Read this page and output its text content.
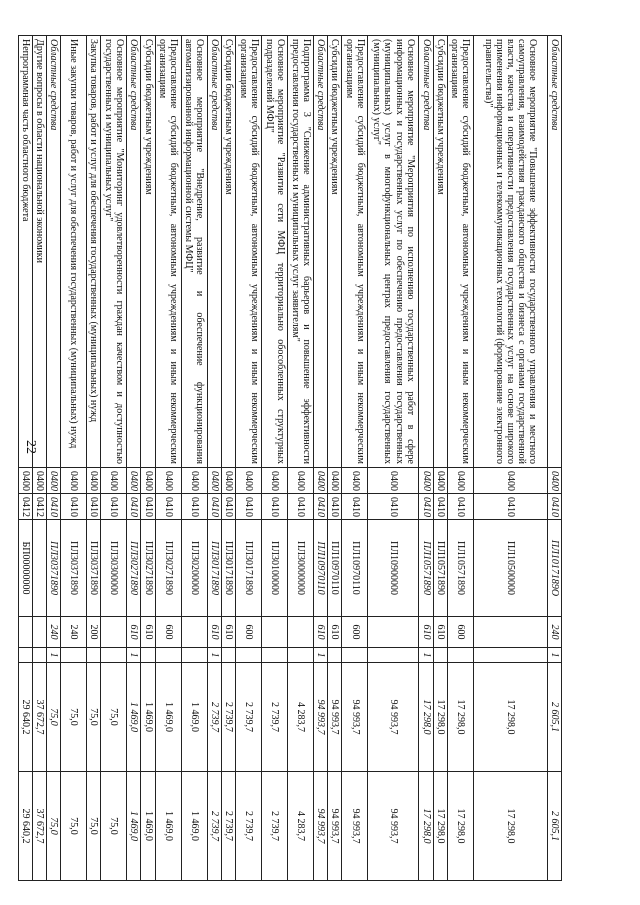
22
Областные средства	0400	0410	ПЛ1017189О	240	1	2 605,1	2 605,1
Основное мероприятие "Повышение эффективности государственного управления и местного самоуправления, взаимодействия гражданского общества и бизнеса с органами государственной власти, качества и оперативности предоставления государственных услуг на основе широкого применения информационных и телекоммуникационных технологий (формирование электронного правительства)"	0400	0410	ПЛ10500000			17 298,0	17 298,0
Предоставление субсидий бюджетным, автономным учреждениям и иным некоммерческим организациям	0400	0410	ПЛ10571890	600		17 298,0	17 298,0
Субсидии бюджетным учреждениям	0400	0410	ПЛ10571890	610		17 298,0	17 298,0
Областные средства	0400	0410	ПЛ10571890	610	1	17 298,0	17 298,0
Основное мероприятие "Мероприятия по исполнению государственных работ в сфере информационных и государственных услуг по обеспечению предоставления государственных (муниципальных) услуг в многофункциональных центрах предоставления государственных (муниципальных) услуг"	0400	0410	ПЛ10900000			94 993,7	94 993,7
Предоставление субсидий бюджетным, автономным учреждениям и иным некоммерческим организациям	0400	0410	ПЛ10970110	600		94 993,7	94 993,7
Субсидии бюджетным учреждениям	0400	0410	ПЛ10970110	610		94 993,7	94 993,7
Областные средства	0400	0410	ПЛ10970110	610	1	94 993,7	94 993,7
Подпрограмма 3 "Снижение административных барьеров и повышение эффективности предоставления государственных и муниципальных услуг заявителям"	0400	0410	ПЛ30000000			4 283,7	4 283,7
Основное мероприятие "Развитие сети МФЦ территориально обособленных структурных подразделений МФЦ"	0400	0410	ПЛ30100000			2 739,7	2 739,7
Предоставление субсидий бюджетным, автономным учреждениям и иным некоммерческим организациям	0400	0410	ПЛ30171890	600		2 739,7	2 739,7
Субсидии бюджетным учреждениям	0400	0410	ПЛ30171890	610		2 739,7	2 739,7
Областные средства	0400	0410	ПЛ30171890	610	1	2 739,7	2 739,7
Основное мероприятие "Внедрение, развитие и обеспечение функционирования автоматизированной информационной системы МФЦ"	0400	0410	ПЛ30200000			1 469,0	1 469,0
Предоставление субсидий бюджетным, автономным учреждениям и иным некоммерческим организациям	0400	0410	ПЛ30271890	600		1 469,0	1 469,0
Субсидии бюджетным учреждениям	0400	0410	ПЛ30271890	610		1 469,0	1 469,0
Областные средства	0400	0410	ПЛ30271890	610	1	1 469,0	1 469,0
Основное мероприятие "Мониторинг удовлетворенности граждан качеством и доступностью государственных и муниципальных услуг"	0400	0410	ПЛ30300000			75,0	75,0
Закупка товаров, работ и услуг для обеспечения государственных (муниципальных) нужд	0400	0410	ПЛ30371890	200		75,0	75,0
Иные закупки товаров, работ и услуг для обеспечения государственных (муниципальных) нужд	0400	0410	ПЛ30371890	240		75,0	75,0
Областные средства	0400	0410	ПЛ30371890	240	1	75,0	75,0
Другие вопросы в области национальной экономики	0400	0412				37 672,7	37 672,7
Непрограммная часть областного бюджета	0400	0412	БП00000000			29 640,2	29 640,2
